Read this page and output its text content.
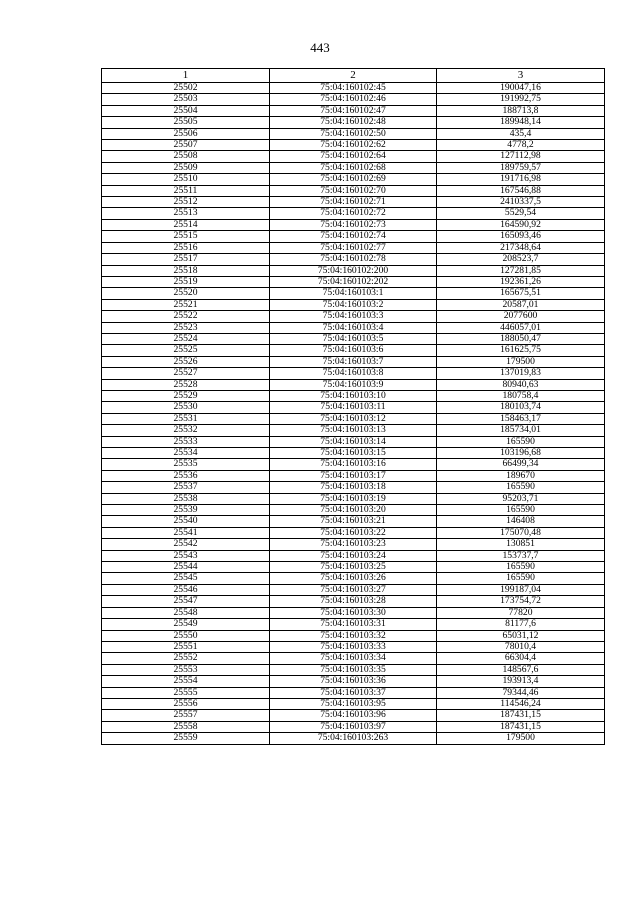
443
1	2	3
25502	75:04:160102:45	190047,16
25503	75:04:160102:46	191992,75
25504	75:04:160102:47	188713,8
25505	75:04:160102:48	189948,14
25506	75:04:160102:50	435,4
25507	75:04:160102:62	4778,2
25508	75:04:160102:64	127112,98
25509	75:04:160102:68	189759,57
25510	75:04:160102:69	191716,98
25511	75:04:160102:70	167546,88
25512	75:04:160102:71	2410337,5
25513	75:04:160102:72	5529,54
25514	75:04:160102:73	164590,92
25515	75:04:160102:74	165093,46
25516	75:04:160102:77	217348,64
25517	75:04:160102:78	208523,7
25518	75:04:160102:200	127281,85
25519	75:04:160102:202	192361,26
25520	75:04:160103:1	165675,51
25521	75:04:160103:2	20587,01
25522	75:04:160103:3	2077600
25523	75:04:160103:4	446057,01
25524	75:04:160103:5	188050,47
25525	75:04:160103:6	161625,75
25526	75:04:160103:7	179500
25527	75:04:160103:8	137019,83
25528	75:04:160103:9	80940,63
25529	75:04:160103:10	180758,4
25530	75:04:160103:11	180103,74
25531	75:04:160103:12	158463,17
25532	75:04:160103:13	185734,01
25533	75:04:160103:14	165590
25534	75:04:160103:15	103196,68
25535	75:04:160103:16	66499,34
25536	75:04:160103:17	189670
25537	75:04:160103:18	165590
25538	75:04:160103:19	95203,71
25539	75:04:160103:20	165590
25540	75:04:160103:21	146408
25541	75:04:160103:22	175070,48
25542	75:04:160103:23	130851
25543	75:04:160103:24	153737,7
25544	75:04:160103:25	165590
25545	75:04:160103:26	165590
25546	75:04:160103:27	199187,04
25547	75:04:160103:28	173754,72
25548	75:04:160103:30	77820
25549	75:04:160103:31	81177,6
25550	75:04:160103:32	65031,12
25551	75:04:160103:33	78010,4
25552	75:04:160103:34	66304,4
25553	75:04:160103:35	148567,6
25554	75:04:160103:36	193913,4
25555	75:04:160103:37	79344,46
25556	75:04:160103:95	114546,24
25557	75:04:160103:96	187431,15
25558	75:04:160103:97	187431,15
25559	75:04:160103:263	179500
